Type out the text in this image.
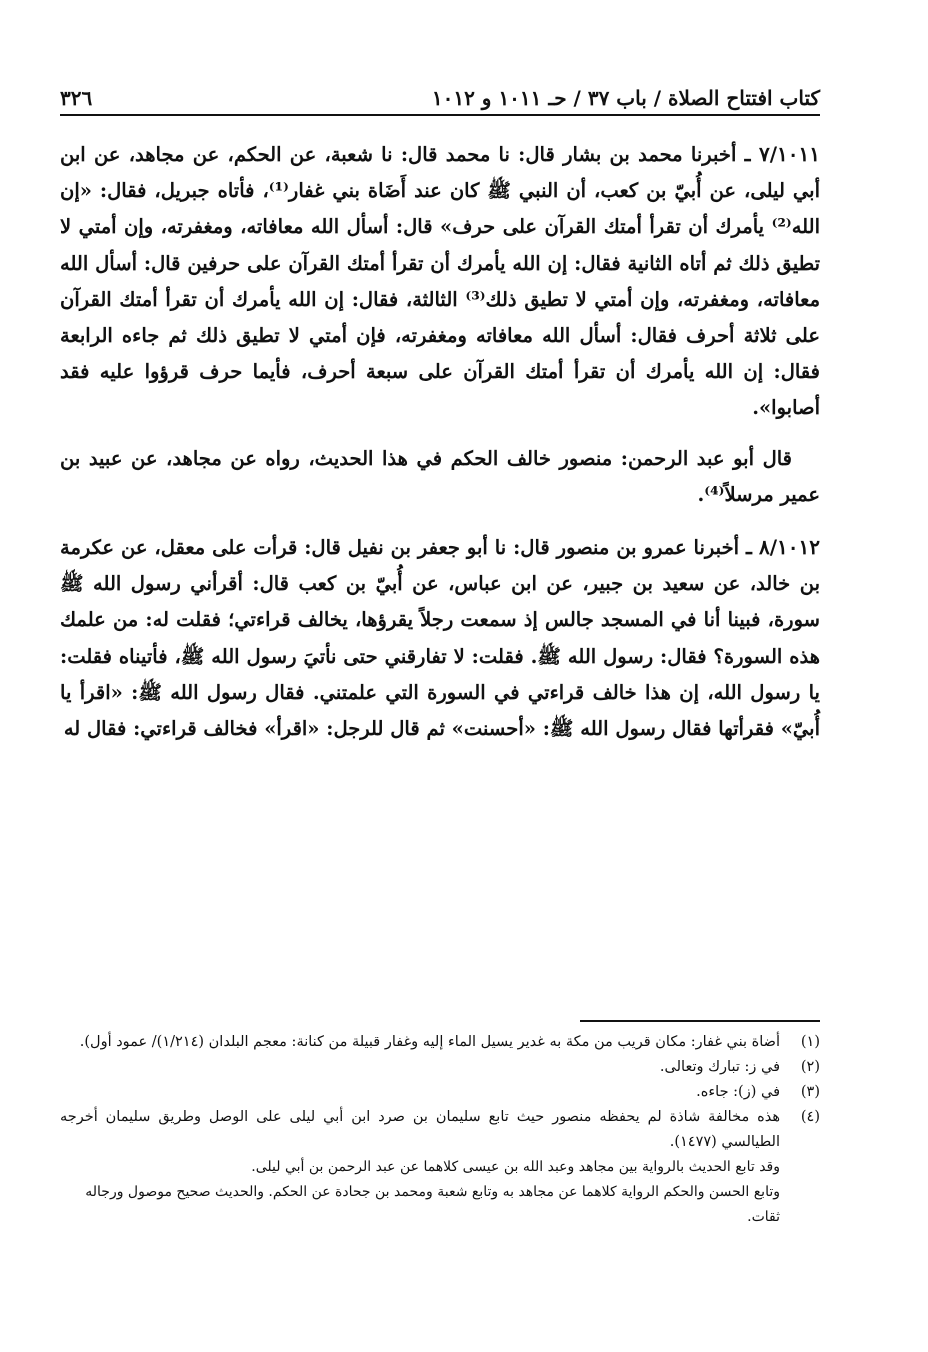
كتاب افتتاح الصلاة / باب ٣٧ / حـ ١٠١١ و ١٠١٢
٣٢٦

٧/١٠١١ ـ أخبرنا محمد بن بشار قال: نا محمد قال: نا شعبة، عن الحكم، عن مجاهد، عن ابن أبي ليلى، عن أُبيّ بن كعب، أن النبي ﷺ كان عند أَضَاة بني غفار⁽¹⁾، فأتاه جبريل، فقال: «إن الله⁽²⁾ يأمرك أن تقرأ أمتك القرآن على حرف» قال: أسأل الله معافاته، ومغفرته، وإن أمتي لا تطيق ذلك ثم أتاه الثانية فقال: إن الله يأمرك أن تقرأ أمتك القرآن على حرفين قال: أسأل الله معافاته، ومغفرته، وإن أمتي لا تطيق ذلك⁽³⁾ الثالثة، فقال: إن الله يأمرك أن تقرأ أمتك القرآن على ثلاثة أحرف فقال: أسأل الله معافاته ومغفرته، فإن أمتي لا تطيق ذلك ثم جاءه الرابعة فقال: إن الله يأمرك أن تقرأ أمتك القرآن على سبعة أحرف، فأيما حرف قرؤوا عليه فقد أصابوا».

قال أبو عبد الرحمن: منصور خالف الحكم في هذا الحديث، رواه عن مجاهد، عن عبيد بن عمير مرسلاً⁽⁴⁾.

٨/١٠١٢ ـ أخبرنا عمرو بن منصور قال: نا أبو جعفر بن نفيل قال: قرأت على معقل، عن عكرمة بن خالد، عن سعيد بن جبير، عن ابن عباس، عن أُبيّ بن كعب قال: أقرأني رسول الله ﷺ سورة، فبينا أنا في المسجد جالس إذ سمعت رجلاً يقرؤها، يخالف قراءتي؛ فقلت له: من علمك هذه السورة؟ فقال: رسول الله ﷺ. فقلت: لا تفارقني حتى نأتيَ رسول الله ﷺ، فأتيناه فقلت: يا رسول الله، إن هذا خالف قراءتي في السورة التي علمتني. فقال رسول الله ﷺ: «اقرأ يا أُبيّ» فقرأتها فقال رسول الله ﷺ: «أحسنت» ثم قال للرجل: «اقرأ» فخالف قراءتي: فقال له

(١)
أضاة بني غفار: مكان قريب من مكة به غدير يسيل الماء إليه وغفار قبيلة من كنانة: معجم البلدان (١/٢١٤)/ عمود أول).
(٢)
في ز: تبارك وتعالى.
(٣)
في (ز): جاءه.
(٤)
هذه مخالفة شاذة لم يحفظه منصور حيث تابع سليمان بن صرد ابن أبي ليلى على الوصل وطريق سليمان أخرجه الطيالسي (١٤٧٧).

وقد تابع الحديث بالرواية بين مجاهد وعبد الله بن عيسى كلاهما عن عبد الرحمن بن أبي ليلى.

وتابع الحسن والحكم الرواية كلاهما عن مجاهد به وتابع شعبة ومحمد بن جحادة عن الحكم. والحديث صحيح موصول ورجاله ثقات.
